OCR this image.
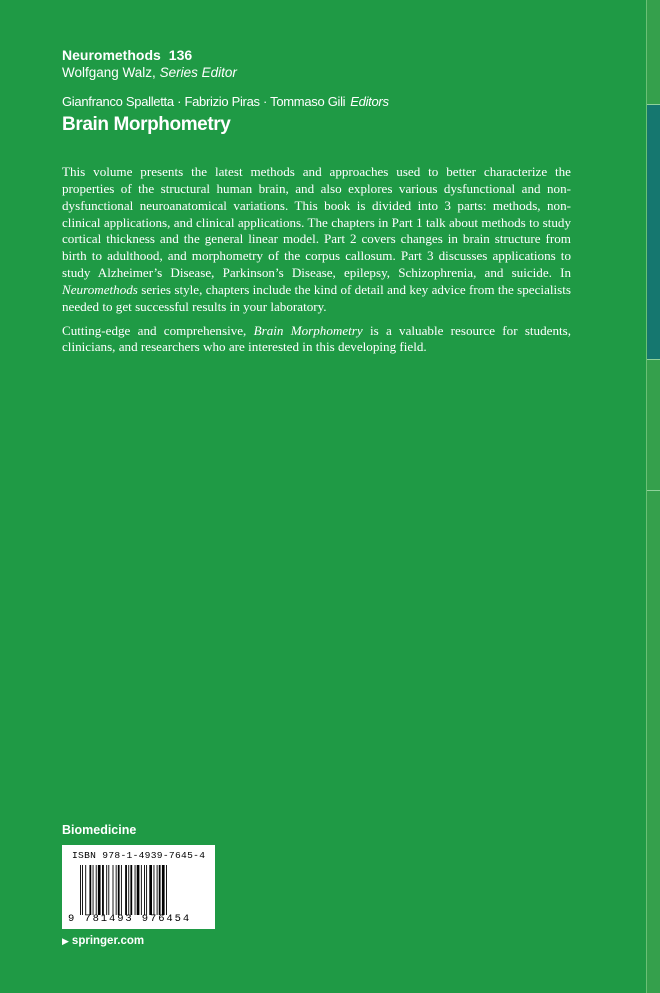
Neuromethods 136
Wolfgang Walz, Series Editor
Gianfranco Spalletta · Fabrizio Piras · Tommaso Gili Editors
Brain Morphometry

This volume presents the latest methods and approaches used to better characterize the properties of the structural human brain, and also explores various dysfunctional and non-dysfunctional neuroanatomical variations. This book is divided into 3 parts: methods, non-clinical applications, and clinical applications. The chapters in Part 1 talk about methods to study cortical thickness and the general linear model. Part 2 covers changes in brain structure from birth to adulthood, and morphometry of the corpus callosum. Part 3 discusses applications to study Alzheimer’s Disease, Parkinson’s Disease, epilepsy, Schizophrenia, and suicide. In Neuromethods series style, chapters include the kind of detail and key advice from the specialists needed to get successful results in your laboratory.

Cutting-edge and comprehensive, Brain Morphometry is a valuable resource for students, clinicians, and researchers who are interested in this developing field.

Biomedicine
ISBN 978-1-4939-7645-4
9 781493 976454
▶ springer.com
